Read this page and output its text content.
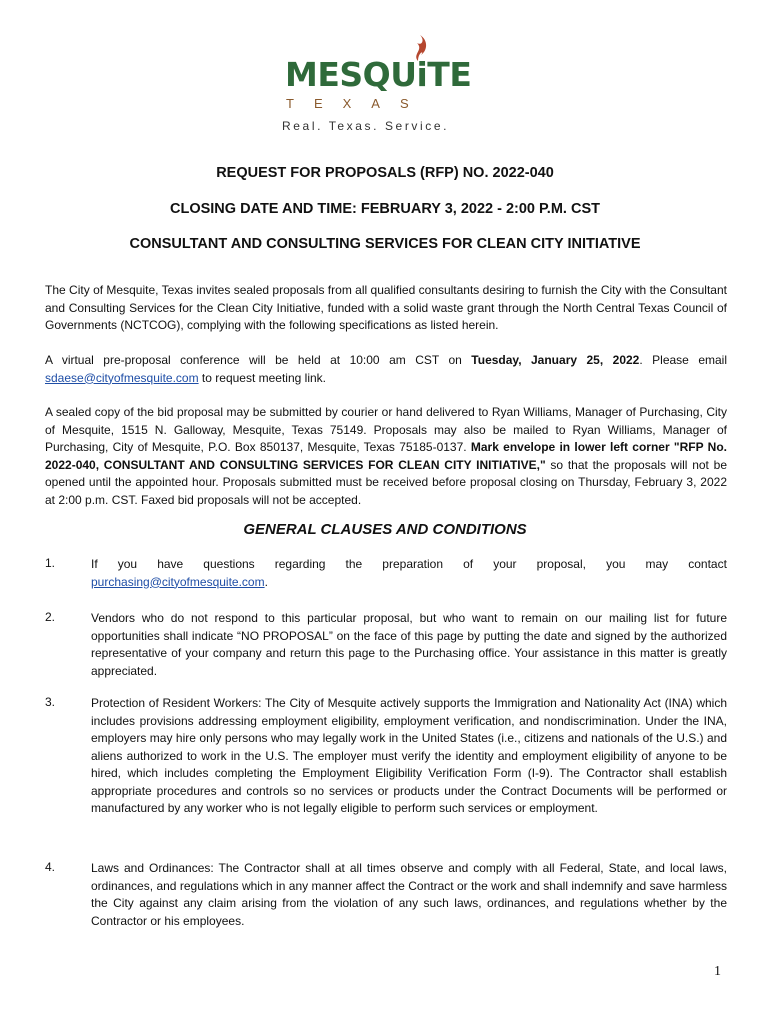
MESQUiTE
TEXAS
Real. Texas. Service.
REQUEST FOR PROPOSALS (RFP) NO. 2022-040
CLOSING DATE AND TIME: FEBRUARY 3, 2022 - 2:00 P.M. CST
CONSULTANT AND CONSULTING SERVICES FOR CLEAN CITY INITIATIVE
The City of Mesquite, Texas invites sealed proposals from all qualified consultants desiring to furnish the City with the Consultant and Consulting Services for the Clean City Initiative, funded with a solid waste grant through the North Central Texas Council of Governments (NCTCOG), complying with the following specifications as listed herein.
A virtual pre-proposal conference will be held at 10:00 am CST on Tuesday, January 25, 2022. Please email sdaese@cityofmesquite.com to request meeting link.
A sealed copy of the bid proposal may be submitted by courier or hand delivered to Ryan Williams, Manager of Purchasing, City of Mesquite, 1515 N. Galloway, Mesquite, Texas 75149. Proposals may also be mailed to Ryan Williams, Manager of Purchasing, City of Mesquite, P.O. Box 850137, Mesquite, Texas 75185-0137. Mark envelope in lower left corner "RFP No. 2022-040, CONSULTANT AND CONSULTING SERVICES FOR CLEAN CITY INITIATIVE," so that the proposals will not be opened until the appointed hour. Proposals submitted must be received before proposal closing on Thursday, February 3, 2022 at 2:00 p.m. CST. Faxed bid proposals will not be accepted.
GENERAL CLAUSES AND CONDITIONS
1.	If you have questions regarding the preparation of your proposal, you may contact
purchasing@cityofmesquite.com.
2.	Vendors who do not respond to this particular proposal, but who want to remain on our mailing list for future opportunities shall indicate “NO PROPOSAL” on the face of this page by putting the date and signed by the authorized representative of your company and return this page to the Purchasing office. Your assistance in this matter is greatly appreciated.
3.	Protection of Resident Workers: The City of Mesquite actively supports the Immigration and Nationality Act (INA) which includes provisions addressing employment eligibility, employment verification, and nondiscrimination. Under the INA, employers may hire only persons who may legally work in the United States (i.e., citizens and nationals of the U.S.) and aliens authorized to work in the U.S. The employer must verify the identity and employment eligibility of anyone to be hired, which includes completing the Employment Eligibility Verification Form (I-9). The Contractor shall establish appropriate procedures and controls so no services or products under the Contract Documents will be performed or manufactured by any worker who is not legally eligible to perform such services or employment.
4.	Laws and Ordinances: The Contractor shall at all times observe and comply with all Federal, State, and local laws, ordinances, and regulations which in any manner affect the Contract or the work and shall indemnify and save harmless the City against any claim arising from the violation of any such laws, ordinances, and regulations whether by the Contractor or his employees.
1
